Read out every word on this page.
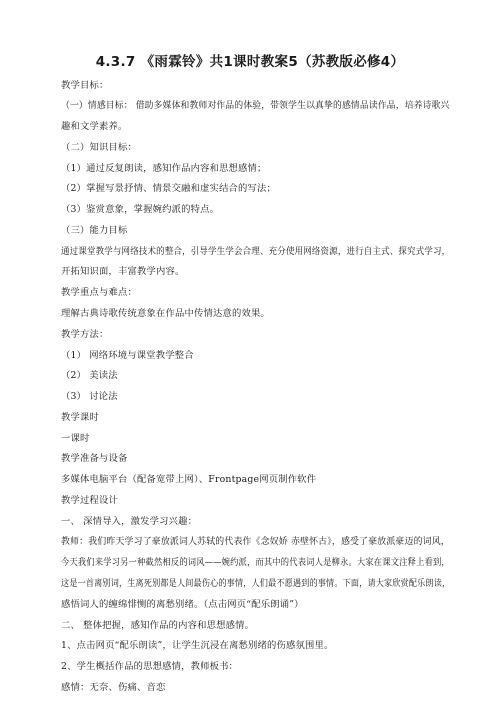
4.3.7 《雨霖铃》共1课时教案5（苏教版必修4）
教学目标：
（一）情感目标： 借助多媒体和教师对作品的体验，带领学生以真挚的感情品读作品，培养诗歌兴
趣和文学素养。
（二）知识目标：
（1）通过反复朗读，感知作品内容和思想感情；
（2）掌握写景抒情、情景交融和虚实结合的写法；
（3）鉴赏意象，掌握婉约派的特点。
（三）能力目标
通过课堂教学与网络技术的整合，引导学生学会合理、充分使用网络资源，进行自主式、探究式学习，
开拓知识面，丰富教学内容。
教学重点与难点：
理解古典诗歌传统意象在作品中传情达意的效果。
教学方法：
（1） 网络环境与课堂教学整合
（2） 美读法
（3） 讨论法
教学课时
一课时
教学准备与设备
多媒体电脑平台（配备宽带上网）、Frontpage网页制作软件
教学过程设计
一、 深情导入，激发学习兴趣：
教师：我们昨天学习了豪放派词人苏轼的代表作《念奴娇 赤壁怀古》，感受了豪放派豪迈的词风，
今天我们来学习另一种截然相反的词风——婉约派，而其中的代表词人是柳永。大家在课文注释上看到，
这是一首离别词，生离死别都是人间最伤心的事情，人们最不愿遇到的事情。下面，请大家欣赏配乐朗读，
感悟词人的缠绵悱恻的离愁别绪。（点击网页“配乐朗诵”）
二、 整体把握，感知作品的内容和思想感情。
1、点击网页“配乐朗读”，让学生沉浸在离愁别绪的伤感氛围里。
2、学生概括作品的思想感情，教师板书：
感情：无奈、伤痛、音恋
